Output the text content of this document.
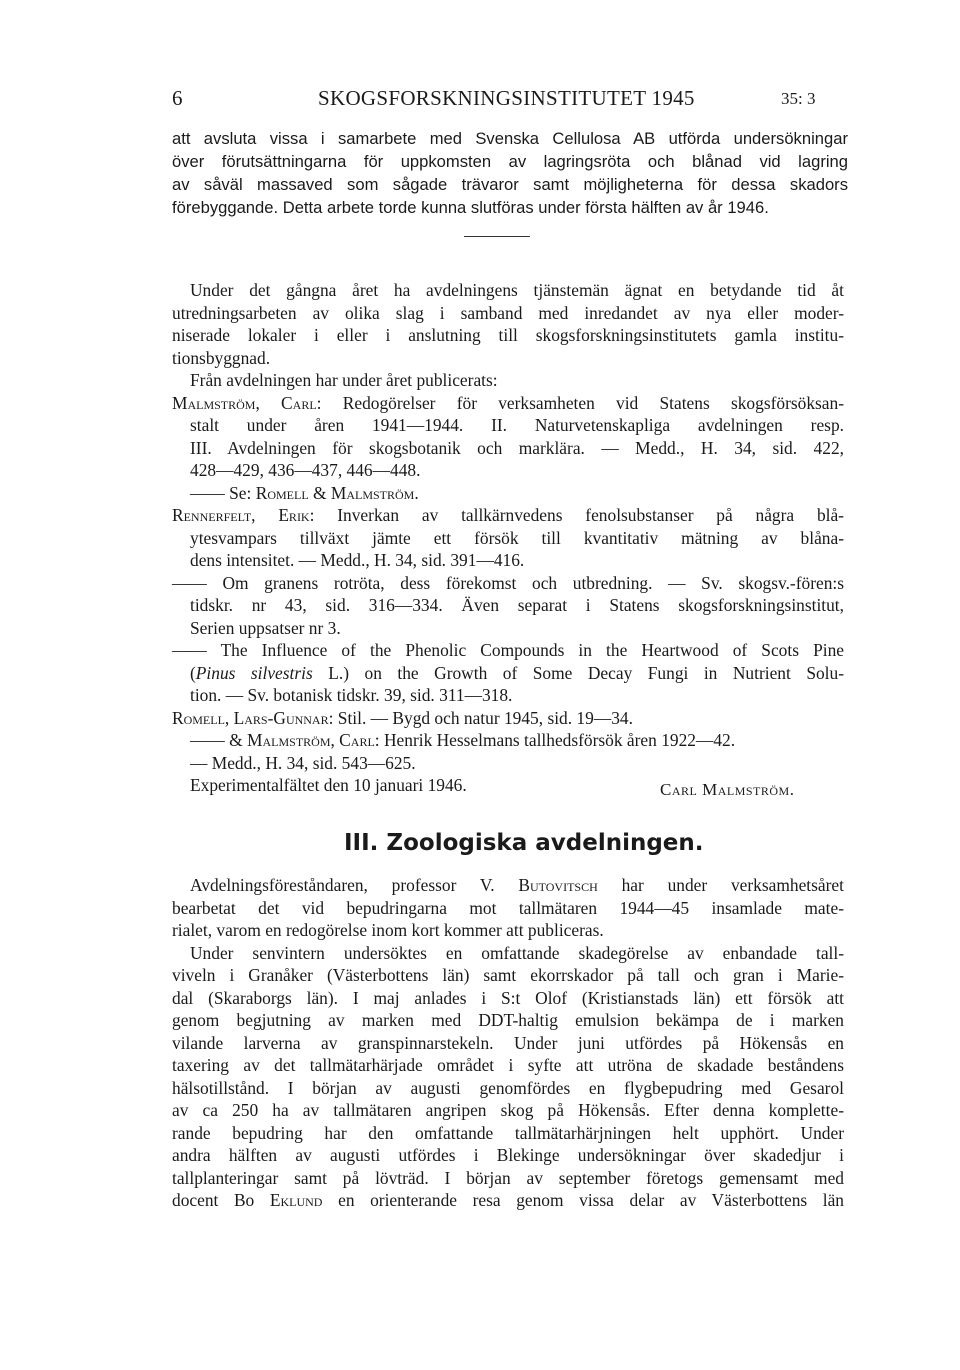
6	SKOGSFORSKNINGSINSTITUTET 1945	35: 3

att avsluta vissa i samarbete med Svenska Cellulosa AB utförda undersökningar

över förutsättningarna för uppkomsten av lagringsröta och blånad vid lagring

av såväl massaved som sågade trävaror samt möjligheterna för dessa skadors

förebyggande. Detta arbete torde kunna slutföras under första hälften av år 1946.

Under det gångna året ha avdelningens tjänstemän ägnat en betydande tid åt

utredningsarbeten av olika slag i samband med inredandet av nya eller moder-

niserade lokaler i eller i anslutning till skogsforskningsinstitutets gamla institu-

tionsbyggnad.

Från avdelningen har under året publicerats:

Malmström, Carl: Redogörelser för verksamheten vid Statens skogsförsöksan-

stalt under åren 1941—1944. II. Naturvetenskapliga avdelningen resp.

III. Avdelningen för skogsbotanik och marklära. — Medd., H. 34, sid. 422,

428—429, 436—437, 446—448.

—— Se: Romell & Malmström.

Rennerfelt, Erik: Inverkan av tallkärnvedens fenolsubstanser på några blå-

ytesvampars tillväxt jämte ett försök till kvantitativ mätning av blåna-

dens intensitet. — Medd., H. 34, sid. 391—416.

—— Om granens rotröta, dess förekomst och utbredning. — Sv. skogsv.-fören:s

tidskr. nr 43, sid. 316—334. Även separat i Statens skogsforskningsinstitut,

Serien uppsatser nr 3.

—— The Influence of the Phenolic Compounds in the Heartwood of Scots Pine

(Pinus silvestris L.) on the Growth of Some Decay Fungi in Nutrient Solu-

tion. — Sv. botanisk tidskr. 39, sid. 311—318.

Romell, Lars-Gunnar: Stil. — Bygd och natur 1945, sid. 19—34.

—— & Malmström, Carl: Henrik Hesselmans tallhedsförsök åren 1922—42.

— Medd., H. 34, sid. 543—625.

Experimentalfältet den 10 januari 1946.	Carl Malmström.
III. Zoologiska avdelningen.

Avdelningsföreståndaren, professor V. Butovitsch har under verksamhetsåret

bearbetat det vid bepudringarna mot tallmätaren 1944—45 insamlade mate-

rialet, varom en redogörelse inom kort kommer att publiceras.

Under senvintern undersöktes en omfattande skadegörelse av enbandade tall-

viveln i Granåker (Västerbottens län) samt ekorrskador på tall och gran i Marie-

dal (Skaraborgs län). I maj anlades i S:t Olof (Kristianstads län) ett försök att

genom begjutning av marken med DDT-haltig emulsion bekämpa de i marken

vilande larverna av granspinnarstekeln. Under juni utfördes på Hökensås en

taxering av det tallmätarhärjade området i syfte att utröna de skadade beståndens

hälsotillstånd. I början av augusti genomfördes en flygbepudring med Gesarol

av ca 250 ha av tallmätaren angripen skog på Hökensås. Efter denna komplette-

rande bepudring har den omfattande tallmätarhärjningen helt upphört. Under

andra hälften av augusti utfördes i Blekinge undersökningar över skadedjur i

tallplanteringar samt på lövträd. I början av september företogs gemensamt med

docent Bo Eklund en orienterande resa genom vissa delar av Västerbottens län
